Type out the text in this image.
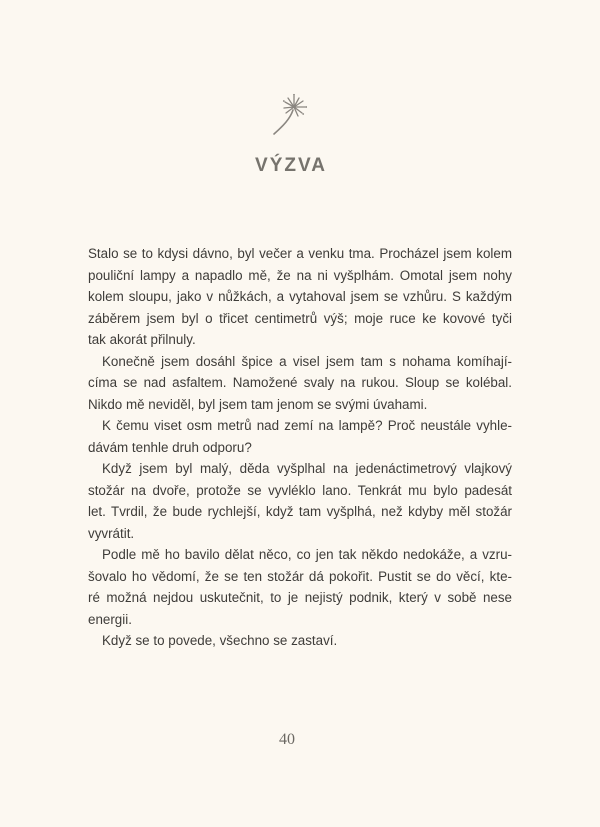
VÝZVA
Stalo se to kdysi dávno, byl večer a venku tma. Procházel jsem kolem
pouliční lampy a napadlo mě, že na ni vyšplhám. Omotal jsem nohy
kolem sloupu, jako v nůžkách, a vytahoval jsem se vzhůru. S každým
záběrem jsem byl o třicet centimetrů výš; moje ruce ke kovové tyči
tak akorát přilnuly.
Konečně jsem dosáhl špice a visel jsem tam s nohama komíhají-
címa se nad asfaltem. Namožené svaly na rukou. Sloup se kolébal.
Nikdo mě neviděl, byl jsem tam jenom se svými úvahami.
K čemu viset osm metrů nad zemí na lampě? Proč neustále vyhle-
dávám tenhle druh odporu?
Když jsem byl malý, děda vyšplhal na jedenáctimetrový vlajkový
stožár na dvoře, protože se vyvléklo lano. Tenkrát mu bylo padesát
let. Tvrdil, že bude rychlejší, když tam vyšplhá, než kdyby měl stožár
vyvrátit.
Podle mě ho bavilo dělat něco, co jen tak někdo nedokáže, a vzru-
šovalo ho vědomí, že se ten stožár dá pokořit. Pustit se do věcí, kte-
ré možná nejdou uskutečnit, to je nejistý podnik, který v sobě nese
energii.
Když se to povede, všechno se zastaví.
40
